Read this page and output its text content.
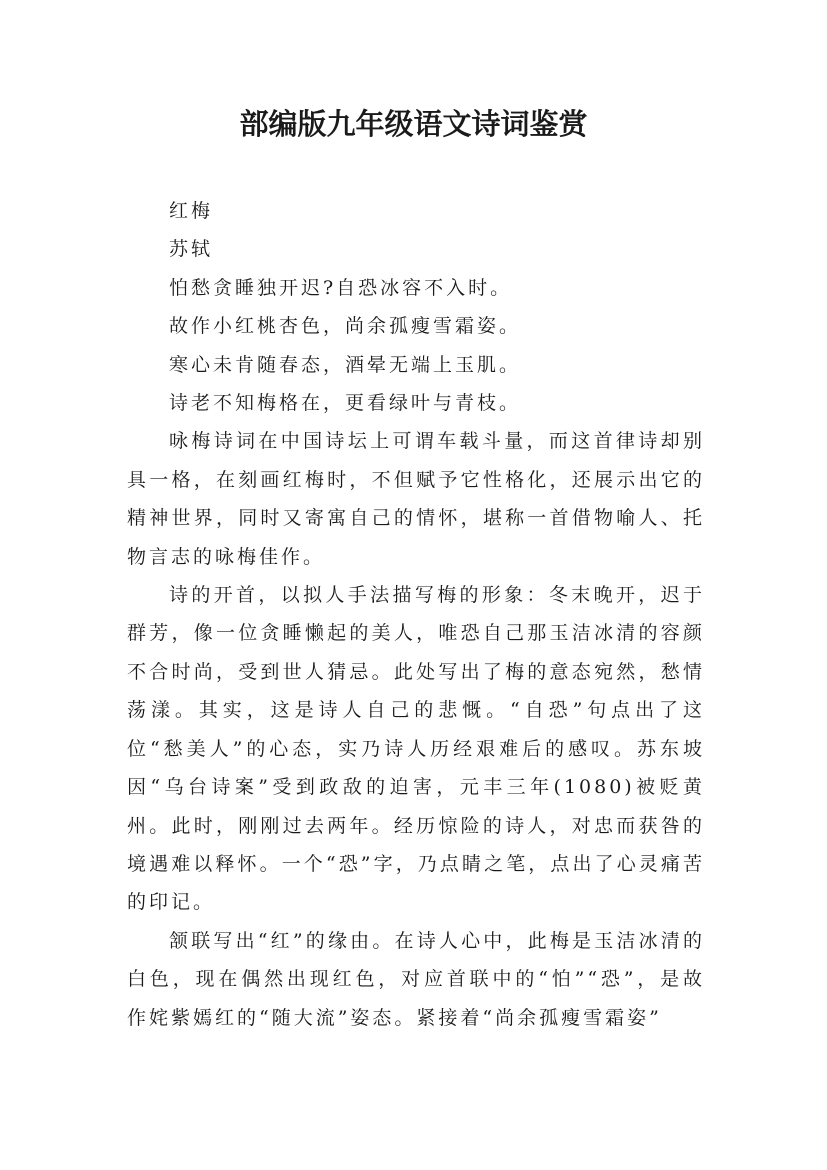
部编版九年级语文诗词鉴赏
红梅
苏轼
怕愁贪睡独开迟?自恐冰容不入时。
故作小红桃杏色，尚余孤瘦雪霜姿。
寒心未肯随春态，酒晕无端上玉肌。
诗老不知梅格在，更看绿叶与青枝。

咏梅诗词在中国诗坛上可谓车载斗量，而这首律诗却别具一格，在刻画红梅时，不但赋予它性格化，还展示出它的精神世界，同时又寄寓自己的情怀，堪称一首借物喻人、托物言志的咏梅佳作。

诗的开首，以拟人手法描写梅的形象：冬末晚开，迟于群芳，像一位贪睡懒起的美人，唯恐自己那玉洁冰清的容颜不合时尚，受到世人猜忌。此处写出了梅的意态宛然，愁情荡漾。其实，这是诗人自己的悲慨。“自恐”句点出了这位“愁美人”的心态，实乃诗人历经艰难后的感叹。苏东坡因“乌台诗案”受到政敌的迫害，元丰三年(1080)被贬黄州。此时，刚刚过去两年。经历惊险的诗人，对忠而获咎的境遇难以释怀。一个“恐”字，乃点睛之笔，点出了心灵痛苦的印记。

颔联写出“红”的缘由。在诗人心中，此梅是玉洁冰清的白色，现在偶然出现红色，对应首联中的“怕”“恐”，是故作姹紫嫣红的“随大流”姿态。紧接着“尚余孤瘦雪霜姿”
